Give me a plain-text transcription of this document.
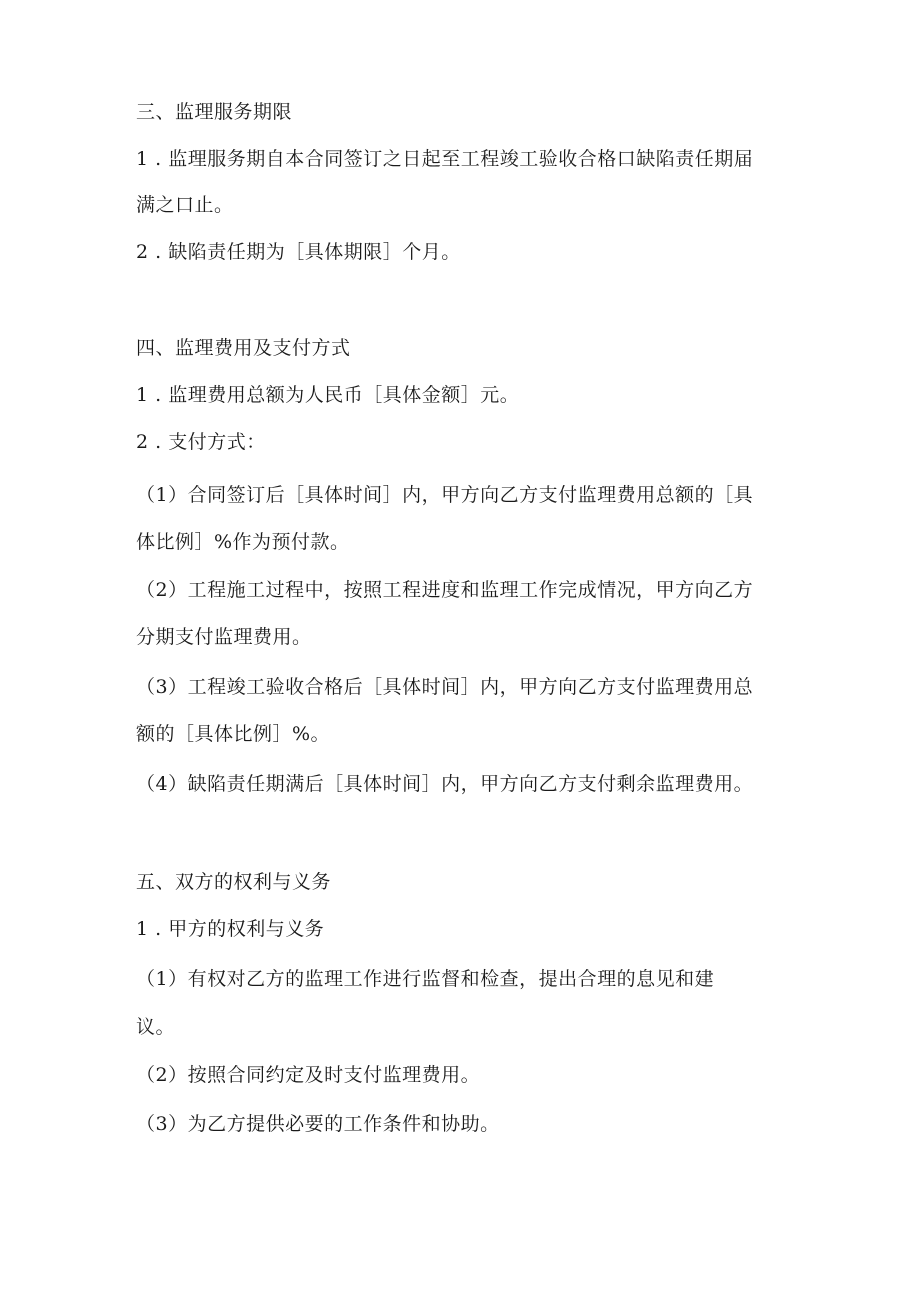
三、监理服务期限
1 . 监理服务期自本合同签订之日起至工程竣工验收合格口缺陷责任期届
满之口止。
2 . 缺陷责任期为［具体期限］个月。
四、监理费用及支付方式
1 . 监理费用总额为人民币［具体金额］元。
2 . 支付方式：
（1）合同签订后［具体时间］内，甲方向乙方支付监理费用总额的［具
体比例］%作为预付款。
（2）工程施工过程中，按照工程进度和监理工作完成情况，甲方向乙方
分期支付监理费用。
（3）工程竣工验收合格后［具体时间］内，甲方向乙方支付监理费用总
额的［具体比例］%。
（4）缺陷责任期满后［具体时间］内，甲方向乙方支付剩余监理费用。
五、双方的权利与义务
1 . 甲方的权利与义务
（1）有权对乙方的监理工作进行监督和检查，提出合理的息见和建
议。
（2）按照合同约定及时支付监理费用。
（3）为乙方提供必要的工作条件和协助。
